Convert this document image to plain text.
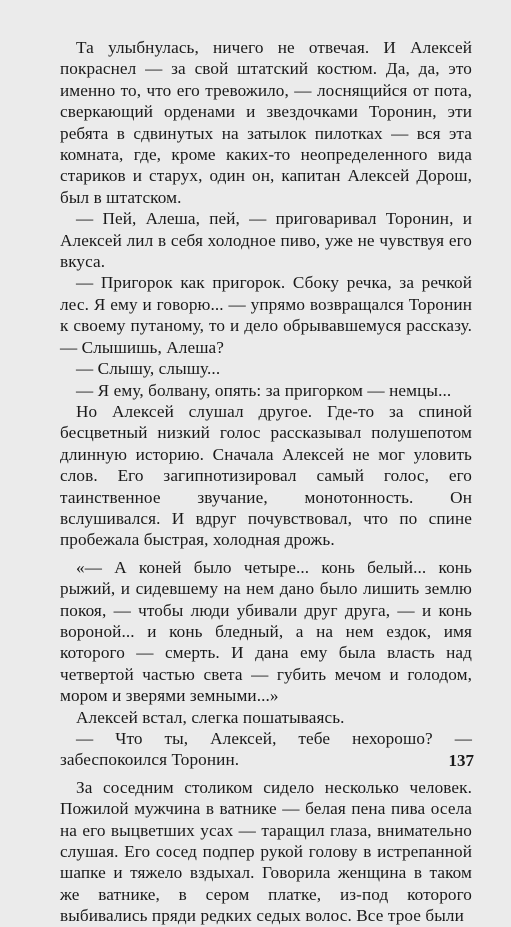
Та улыбнулась, ничего не отвечая. И Алексей покраснел — за свой штатский костюм. Да, да, это именно то, что его тревожило, — лоснящийся от пота, сверкающий орденами и звездочками Торонин, эти ребята в сдвинутых на затылок пилотках — вся эта комната, где, кроме каких-то неопределенного вида стариков и старух, один он, капитан Алексей Дорош, был в штатском.

— Пей, Алеша, пей, — приговаривал Торонин, и Алексей лил в себя холодное пиво, уже не чувствуя его вкуса.

— Пригорок как пригорок. Сбоку речка, за речкой лес. Я ему и говорю... — упрямо возвращался Торонин к своему путаному, то и дело обрывавшемуся рассказу. — Слышишь, Алеша?

— Слышу, слышу...

— Я ему, болвану, опять: за пригорком — немцы...

Но Алексей слушал другое. Где-то за спиной бесцветный низкий голос рассказывал полушепотом длинную историю. Сначала Алексей не мог уловить слов. Его загипнотизировал самый голос, его таинственное звучание, монотонность. Он вслушивался. И вдруг почувствовал, что по спине пробежала быстрая, холодная дрожь.

«— А коней было четыре... конь белый... конь рыжий, и сидевшему на нем дано было лишить землю покоя, — чтобы люди убивали друг друга, — и конь вороной... и конь бледный, а на нем ездок, имя которого — смерть. И дана ему была власть над четвертой частью света — губить мечом и голодом, мором и зверями земными...»

Алексей встал, слегка пошатываясь.

— Что ты, Алексей, тебе нехорошо? — забеспокоился Торонин.

За соседним столиком сидело несколько человек. Пожилой мужчина в ватнике — белая пена пива осела на его выцветших усах — таращил глаза, внимательно слушая. Его сосед подпер рукой голову в истрепанной шапке и тяжело вздыхал. Говорила женщина в таком же ватнике, в сером платке, из-под которого выбивались пряди редких седых волос. Все трое были

137
